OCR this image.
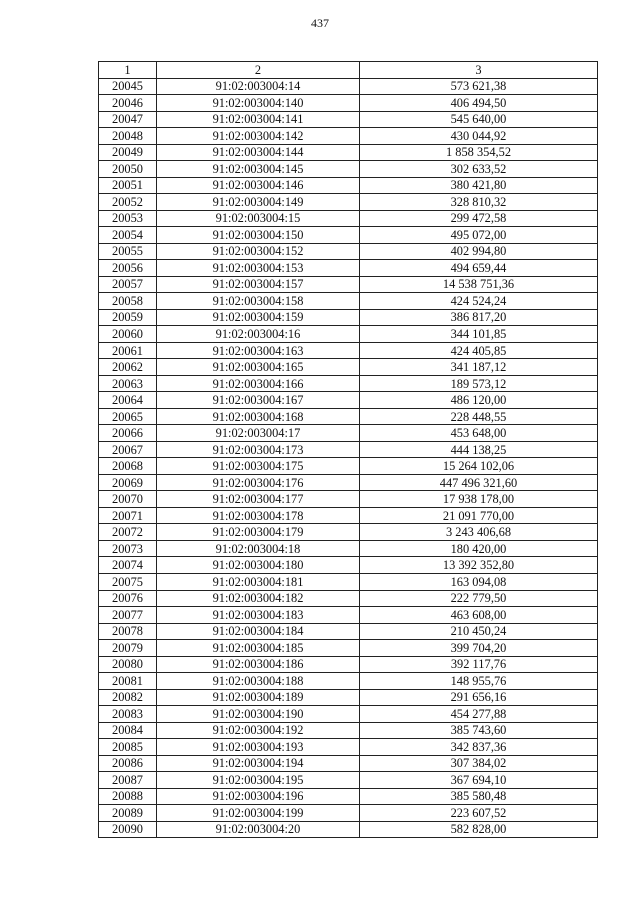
437
1	2	3
20045	91:02:003004:14	573 621,38
20046	91:02:003004:140	406 494,50
20047	91:02:003004:141	545 640,00
20048	91:02:003004:142	430 044,92
20049	91:02:003004:144	1 858 354,52
20050	91:02:003004:145	302 633,52
20051	91:02:003004:146	380 421,80
20052	91:02:003004:149	328 810,32
20053	91:02:003004:15	299 472,58
20054	91:02:003004:150	495 072,00
20055	91:02:003004:152	402 994,80
20056	91:02:003004:153	494 659,44
20057	91:02:003004:157	14 538 751,36
20058	91:02:003004:158	424 524,24
20059	91:02:003004:159	386 817,20
20060	91:02:003004:16	344 101,85
20061	91:02:003004:163	424 405,85
20062	91:02:003004:165	341 187,12
20063	91:02:003004:166	189 573,12
20064	91:02:003004:167	486 120,00
20065	91:02:003004:168	228 448,55
20066	91:02:003004:17	453 648,00
20067	91:02:003004:173	444 138,25
20068	91:02:003004:175	15 264 102,06
20069	91:02:003004:176	447 496 321,60
20070	91:02:003004:177	17 938 178,00
20071	91:02:003004:178	21 091 770,00
20072	91:02:003004:179	3 243 406,68
20073	91:02:003004:18	180 420,00
20074	91:02:003004:180	13 392 352,80
20075	91:02:003004:181	163 094,08
20076	91:02:003004:182	222 779,50
20077	91:02:003004:183	463 608,00
20078	91:02:003004:184	210 450,24
20079	91:02:003004:185	399 704,20
20080	91:02:003004:186	392 117,76
20081	91:02:003004:188	148 955,76
20082	91:02:003004:189	291 656,16
20083	91:02:003004:190	454 277,88
20084	91:02:003004:192	385 743,60
20085	91:02:003004:193	342 837,36
20086	91:02:003004:194	307 384,02
20087	91:02:003004:195	367 694,10
20088	91:02:003004:196	385 580,48
20089	91:02:003004:199	223 607,52
20090	91:02:003004:20	582 828,00
